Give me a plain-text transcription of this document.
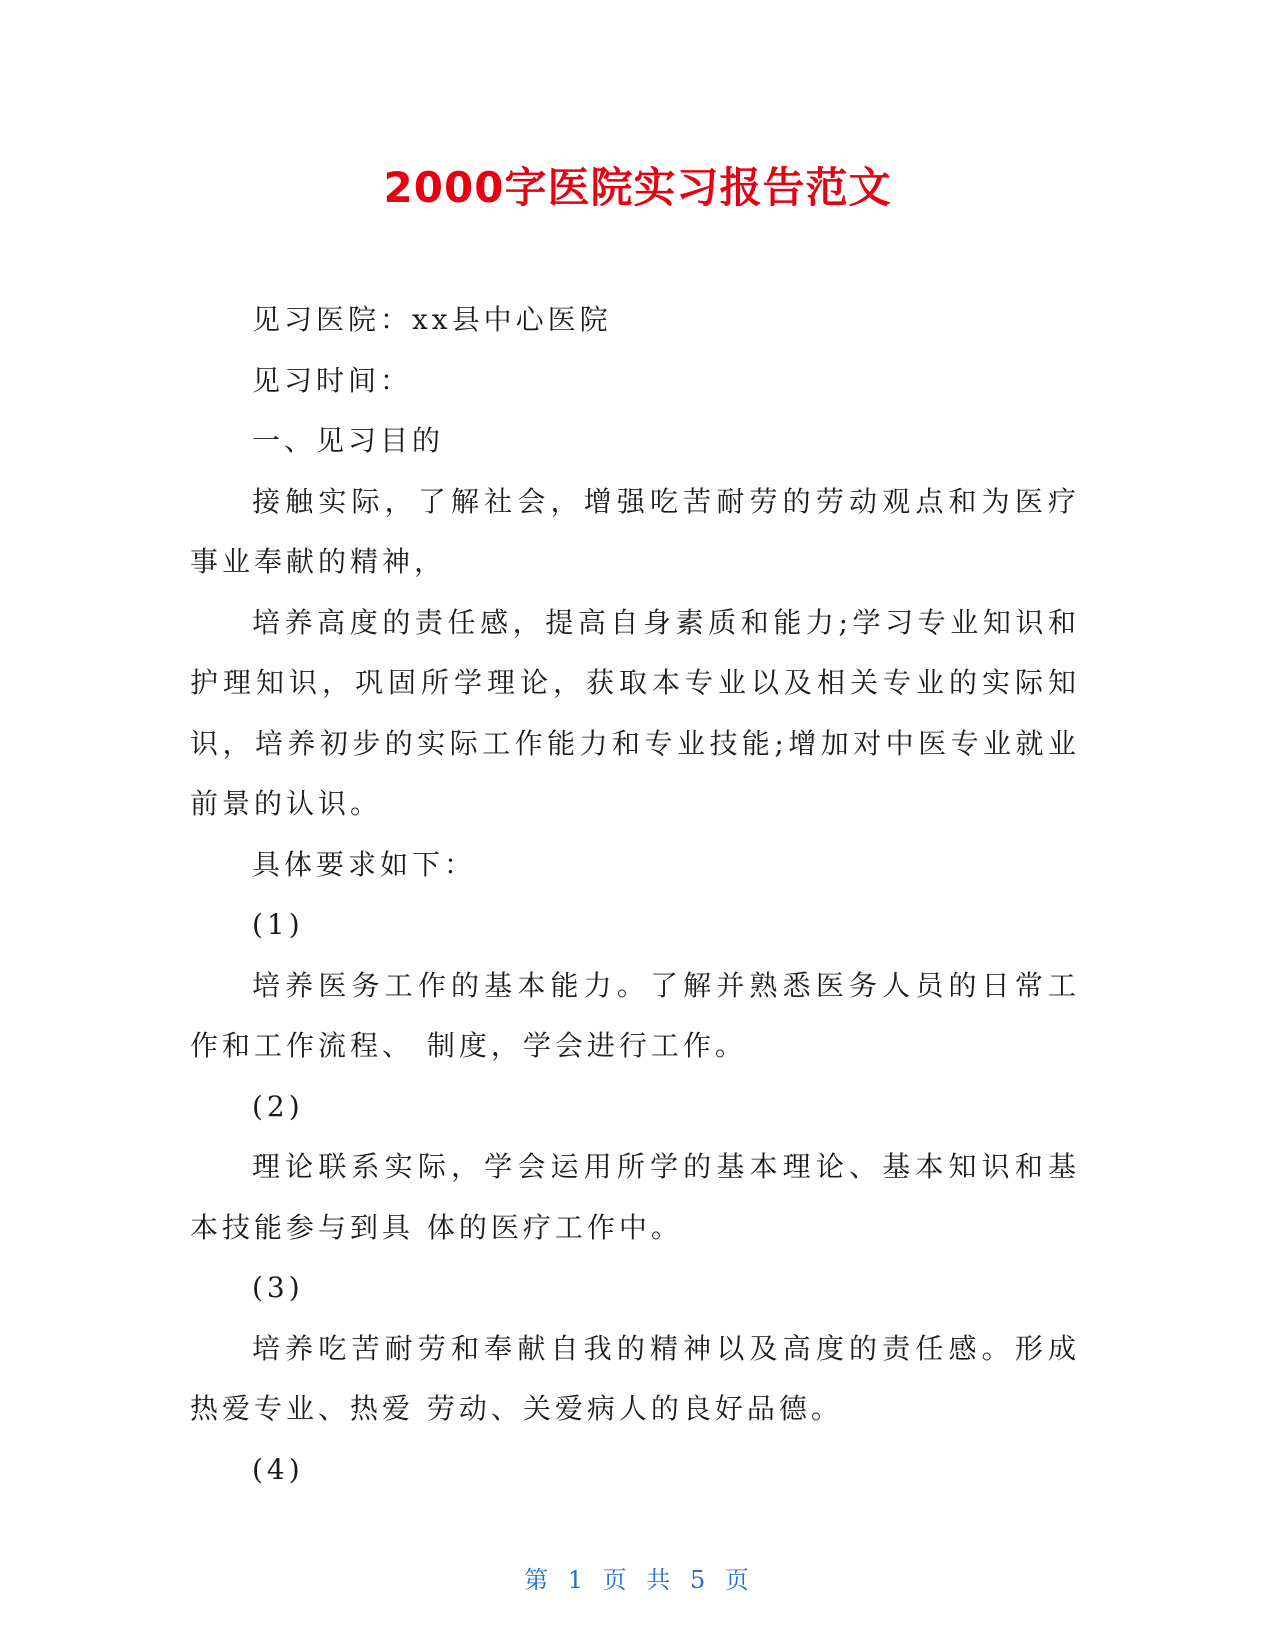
2000字医院实习报告范文

见习医院：xx县中心医院

见习时间：

一、见习目的

接触实际，了解社会，增强吃苦耐劳的劳动观点和为医疗事业奉献的精神，

培养高度的责任感，提高自身素质和能力;学习专业知识和护理知识，巩固所学理论，获取本专业以及相关专业的实际知识，培养初步的实际工作能力和专业技能;增加对中医专业就业前景的认识。

具体要求如下：

(1)

培养医务工作的基本能力。了解并熟悉医务人员的日常工作和工作流程、 制度，学会进行工作。

(2)

理论联系实际，学会运用所学的基本理论、基本知识和基本技能参与到具 体的医疗工作中。

(3)

培养吃苦耐劳和奉献自我的精神以及高度的责任感。形成热爱专业、热爱 劳动、关爱病人的良好品德。

(4)

第 1 页 共 5 页
